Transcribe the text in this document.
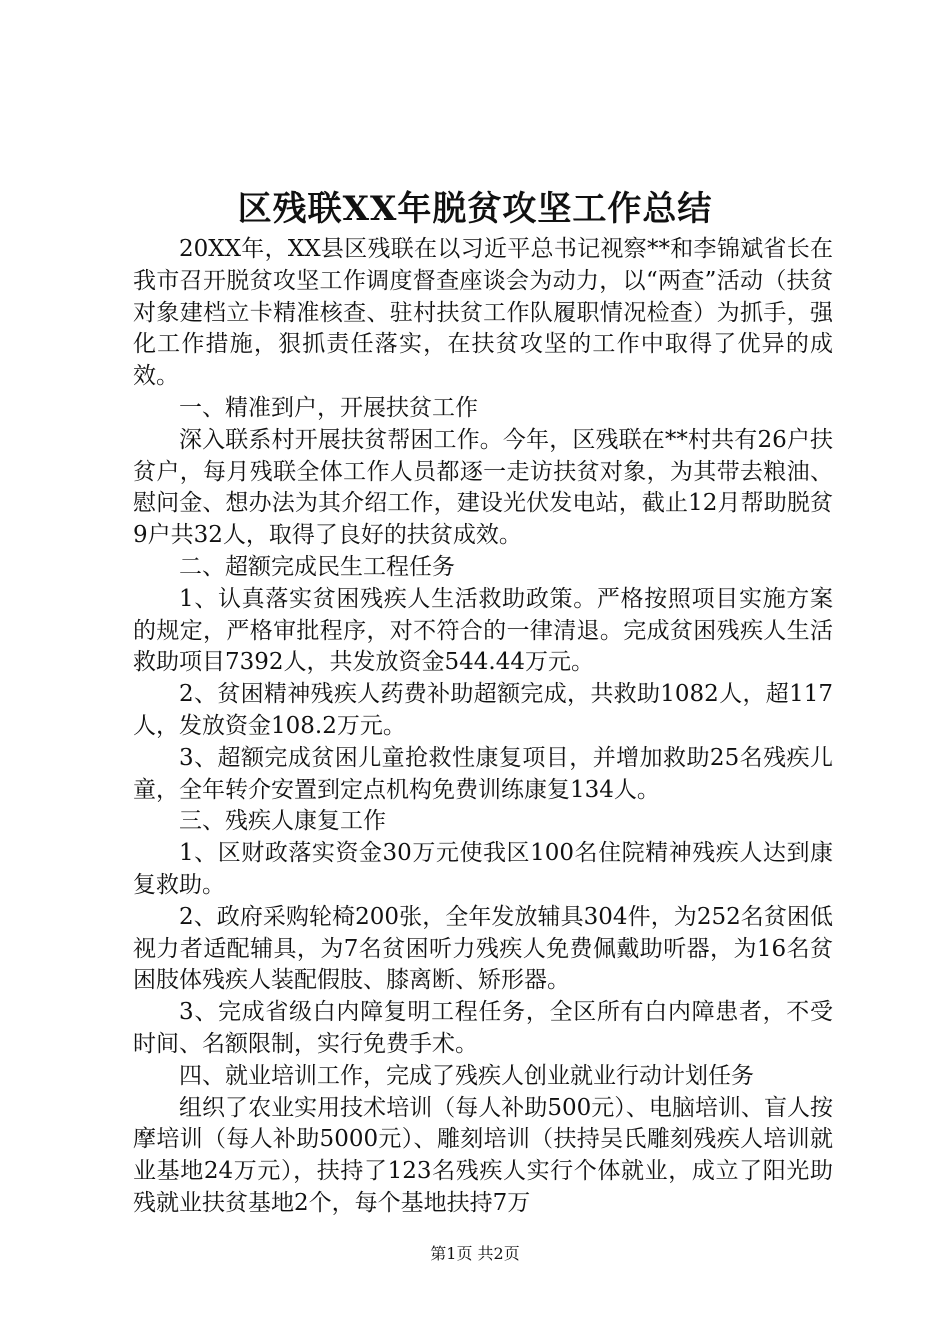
区残联XX年脱贫攻坚工作总结

20XX年，XX县区残联在以习近平总书记视察**和李锦斌省长在我市召开脱贫攻坚工作调度督查座谈会为动力，以“两查”活动（扶贫对象建档立卡精准核查、驻村扶贫工作队履职情况检查）为抓手，强化工作措施，狠抓责任落实，在扶贫攻坚的工作中取得了优异的成效。

一、精准到户，开展扶贫工作

深入联系村开展扶贫帮困工作。今年，区残联在**村共有26户扶贫户，每月残联全体工作人员都逐一走访扶贫对象，为其带去粮油、慰问金、想办法为其介绍工作，建设光伏发电站，截止12月帮助脱贫9户共32人，取得了良好的扶贫成效。

二、超额完成民生工程任务

1、认真落实贫困残疾人生活救助政策。严格按照项目实施方案的规定，严格审批程序，对不符合的一律清退。完成贫困残疾人生活救助项目7392人，共发放资金544.44万元。

2、贫困精神残疾人药费补助超额完成，共救助1082人，超117人，发放资金108.2万元。

3、超额完成贫困儿童抢救性康复项目，并增加救助25名残疾儿童，全年转介安置到定点机构免费训练康复134人。

三、残疾人康复工作

1、区财政落实资金30万元使我区100名住院精神残疾人达到康复救助。

2、政府采购轮椅200张，全年发放辅具304件，为252名贫困低视力者适配辅具，为7名贫困听力残疾人免费佩戴助听器，为16名贫困肢体残疾人装配假肢、膝离断、矫形器。

3、完成省级白内障复明工程任务，全区所有白内障患者，不受时间、名额限制，实行免费手术。

四、就业培训工作，完成了残疾人创业就业行动计划任务

组织了农业实用技术培训（每人补助500元）、电脑培训、盲人按摩培训（每人补助5000元）、雕刻培训（扶持吴氏雕刻残疾人培训就业基地24万元），扶持了123名残疾人实行个体就业，成立了阳光助残就业扶贫基地2个，每个基地扶持7万

第1页 共2页
